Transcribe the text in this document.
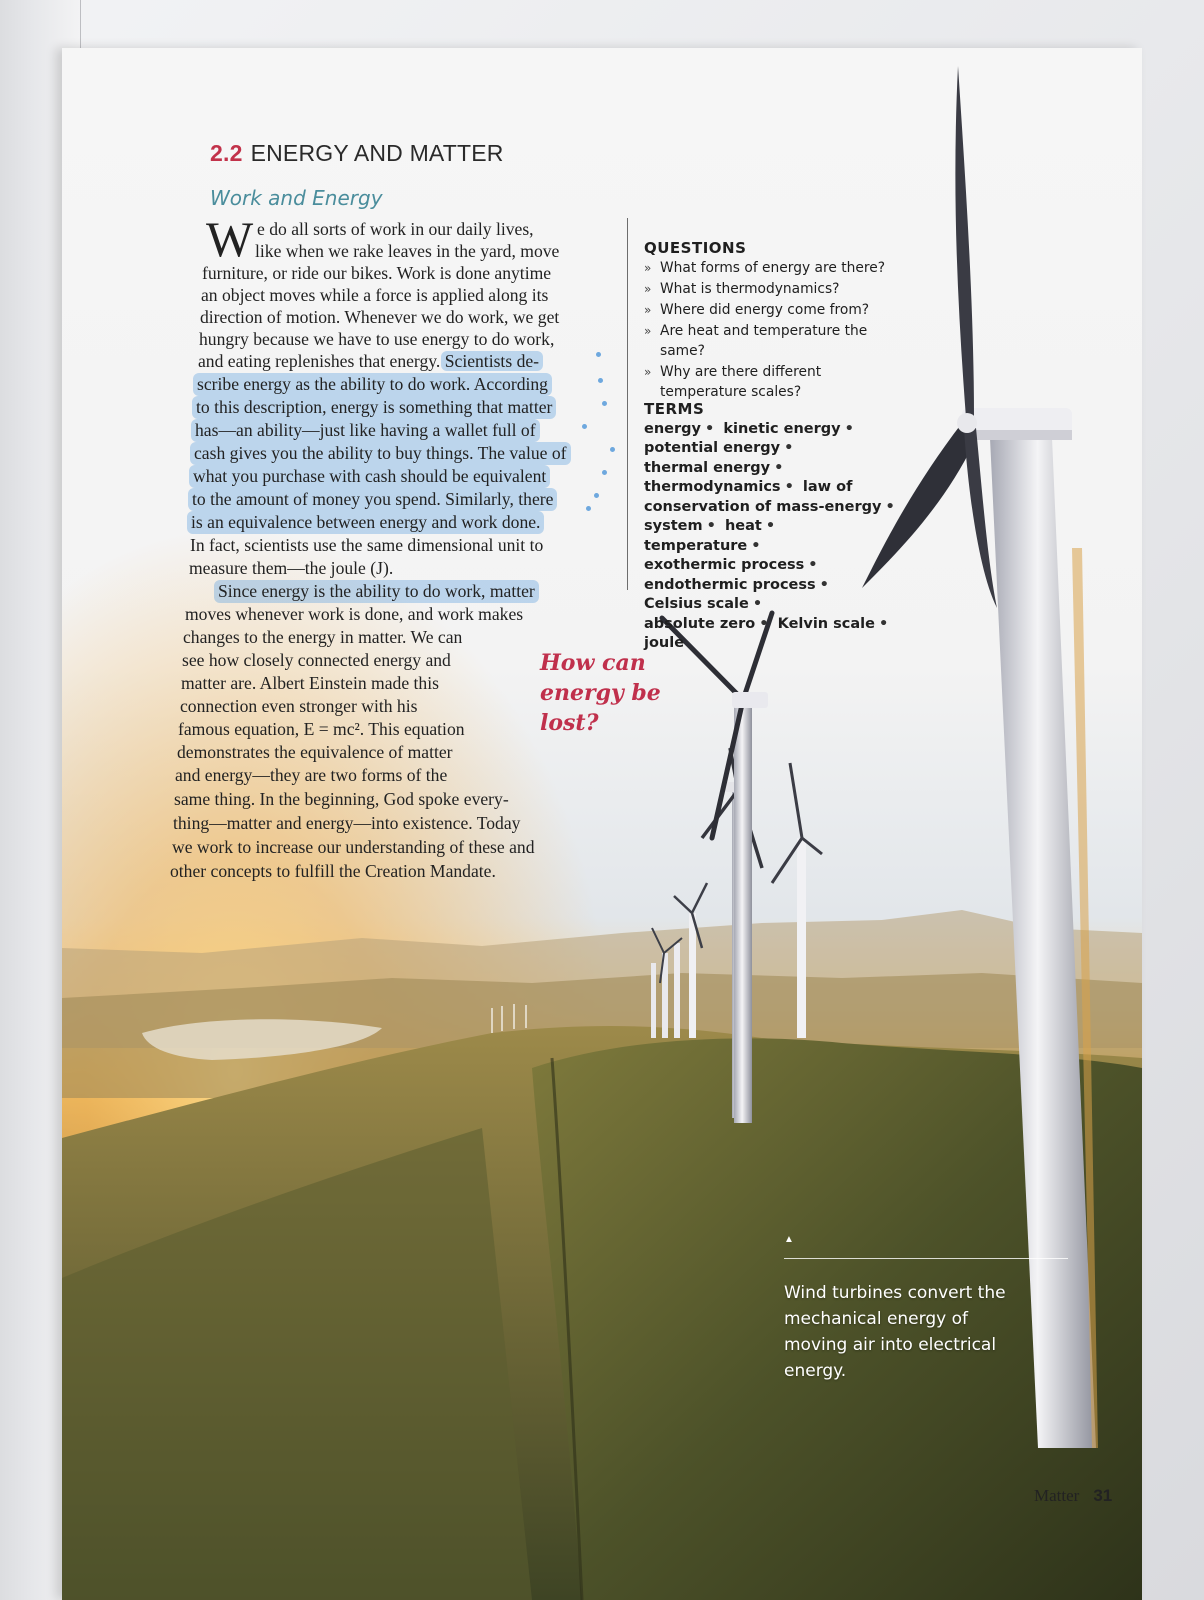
2.2 ENERGY AND MATTER
Work and Energy
W e do all sorts of work in our daily lives,
like when we rake leaves in the yard, move
furniture, or ride our bikes. Work is done anytime
an object moves while a force is applied along its
direction of motion. Whenever we do work, we get
hungry because we have to use energy to do work,
and eating replenishes that energy. Scientists de-
scribe energy as the ability to do work. According
to this description, energy is something that matter
has—an ability—just like having a wallet full of
cash gives you the ability to buy things. The value of
what you purchase with cash should be equivalent
to the amount of money you spend. Similarly, there
is an equivalence between energy and work done.
In fact, scientists use the same dimensional unit to
measure them—the joule (J).
Since energy is the ability to do work, matter
moves whenever work is done, and work makes
changes to the energy in matter. We can
see how closely connected energy and
matter are. Albert Einstein made this
connection even stronger with his
famous equation, E = mc². This equation
demonstrates the equivalence of matter
and energy—they are two forms of the
same thing. In the beginning, God spoke every-
thing—matter and energy—into existence. Today
we work to increase our understanding of these and
other concepts to fulfill the Creation Mandate.
How can
energy be
lost?
QUESTIONS
» What forms of energy are there?
» What is thermodynamics?
» Where did energy come from?
» Are heat and temperature the same?
» Why are there different temperature scales?
TERMS
energy • kinetic energy • potential energy • thermal energy • thermodynamics • law of conservation of mass-energy • system • heat • temperature • exothermic process • endothermic process • Celsius scale • absolute zero • Kelvin scale • joule
▲
Wind turbines convert the mechanical energy of moving air into electrical energy.
Matter 31
